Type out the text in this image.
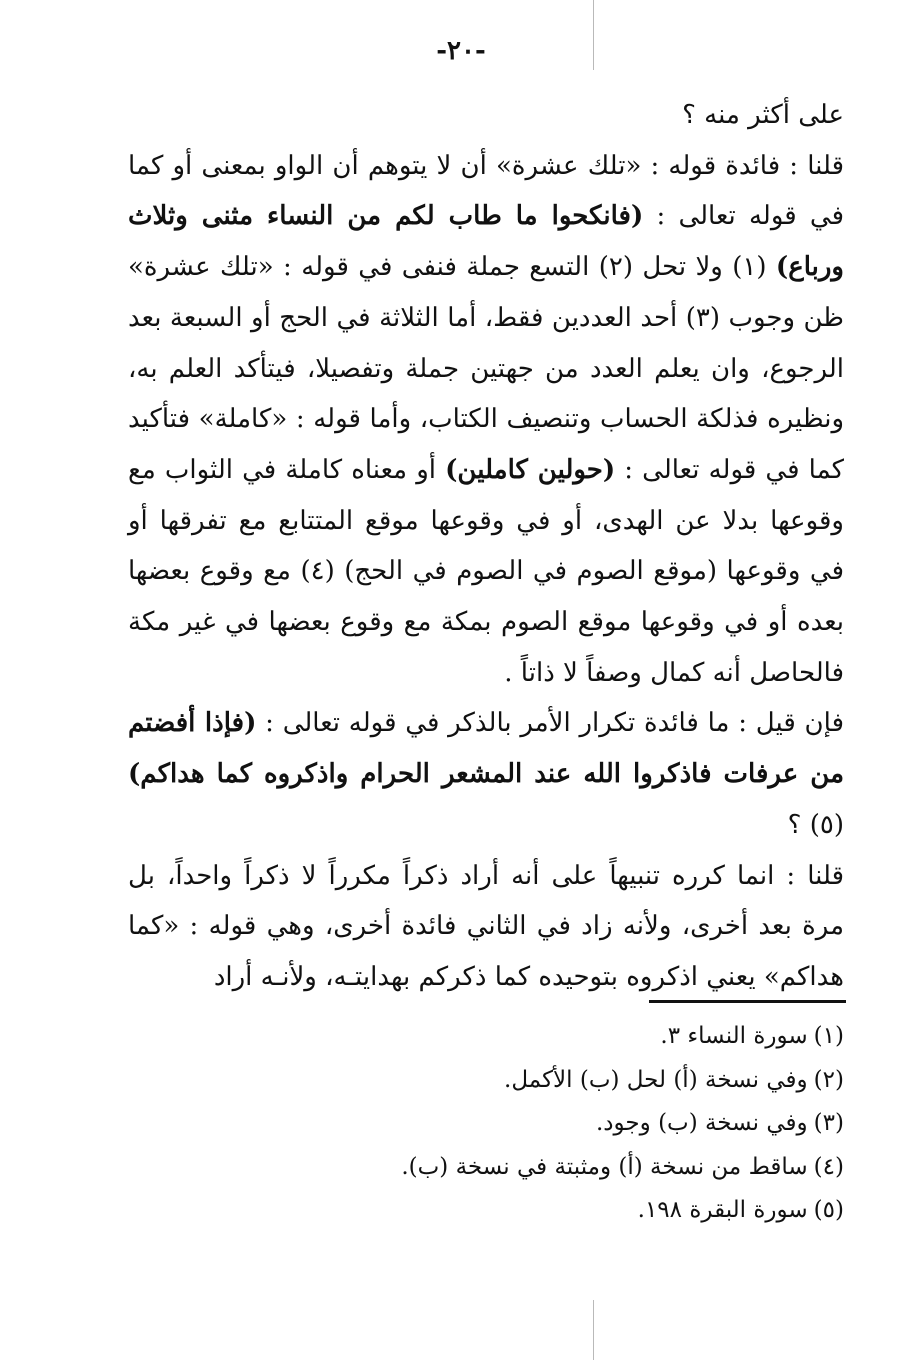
-٢٠-

على أكثر منه ؟

قلنا : فائدة قوله : «تلك عشرة» أن لا يتوهم أن الواو بمعنى أو كما في قوله تعالى : (فانكحوا ما طاب لكم من النساء مثنى وثلاث ورباع) (١) ولا تحل (٢) التسع جملة فنفى في قوله : «تلك عشرة» ظن وجوب (٣) أحد العددين فقط، أما الثلاثة في الحج أو السبعة بعد الرجوع، وان يعلم العدد من جهتين جملة وتفصيلا، فيتأكد العلم به، ونظيره فذلكة الحساب وتنصيف الكتاب، وأما قوله : «كاملة» فتأكيد كما في قوله تعالى : (حولين كاملين) أو معناه كاملة في الثواب مع وقوعها بدلا عن الهدى، أو في وقوعها موقع المتتابع مع تفرقها أو في وقوعها (موقع الصوم في الصوم في الحج) (٤) مع وقوع بعضها بعده أو في وقوعها موقع الصوم بمكة مع وقوع بعضها في غير مكة فالحاصل أنه كمال وصفاً لا ذاتاً .

فإن قيل : ما فائدة تكرار الأمر بالذكر في قوله تعالى : (فإذا أفضتم من عرفات فاذكروا الله عند المشعر الحرام واذكروه كما هداكم) (٥) ؟

قلنا : انما كرره تنبيهاً على أنه أراد ذكراً مكرراً لا ذكراً واحداً، بل مرة بعد أخرى، ولأنه زاد في الثاني فائدة أخرى، وهي قوله : «كما هداكم» يعني اذكروه بتوحيده كما ذكركم بهدايتـه، ولأنـه أراد

(١)سورة النساء ٣.

(٢)وفي نسخة (أ) لحل (ب) الأكمل.

(٣)وفي نسخة (ب) وجود.

(٤)ساقط من نسخة (أ) ومثبتة في نسخة (ب).

(٥)سورة البقرة ١٩٨.
